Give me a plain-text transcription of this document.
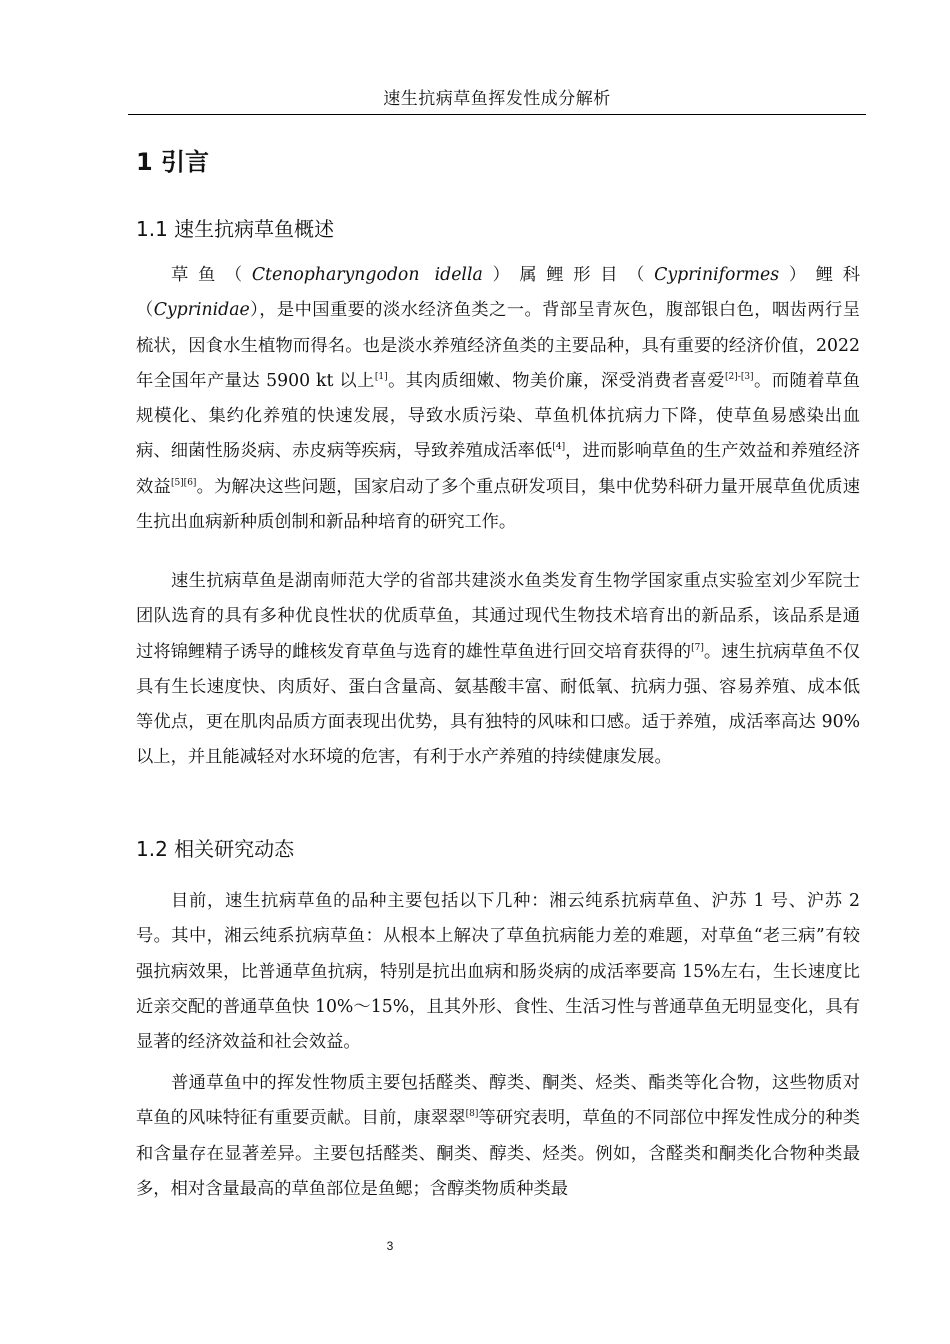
速生抗病草鱼挥发性成分解析
1 引言
1.1 速生抗病草鱼概述

草鱼（Ctenopharyngodon idella）属鲤形目（Cypriniformes）鲤科（Cyprinidae），是中国重要的淡水经济鱼类之一。背部呈青灰色，腹部银白色，咽齿两行呈梳状，因食水生植物而得名。也是淡水养殖经济鱼类的主要品种，具有重要的经济价值，2022年全国年产量达 5900 kt 以上[1]。其肉质细嫩、物美价廉，深受消费者喜爱[2]-[3]。而随着草鱼规模化、集约化养殖的快速发展，导致水质污染、草鱼机体抗病力下降，使草鱼易感染出血病、细菌性肠炎病、赤皮病等疾病，导致养殖成活率低[4]，进而影响草鱼的生产效益和养殖经济效益[5][6]。为解决这些问题，国家启动了多个重点研发项目，集中优势科研力量开展草鱼优质速生抗出血病新种质创制和新品种培育的研究工作。

速生抗病草鱼是湖南师范大学的省部共建淡水鱼类发育生物学国家重点实验室刘少军院士团队选育的具有多种优良性状的优质草鱼，其通过现代生物技术培育出的新品系，该品系是通过将锦鲤精子诱导的雌核发育草鱼与选育的雄性草鱼进行回交培育获得的[7]。速生抗病草鱼不仅具有生长速度快、肉质好、蛋白含量高、氨基酸丰富、耐低氧、抗病力强、容易养殖、成本低等优点，更在肌肉品质方面表现出优势，具有独特的风味和口感。适于养殖，成活率高达 90%以上，并且能减轻对水环境的危害，有利于水产养殖的持续健康发展。

1.2 相关研究动态

目前，速生抗病草鱼的品种主要包括以下几种：湘云纯系抗病草鱼、沪苏 1 号、沪苏 2 号。其中，湘云纯系抗病草鱼：从根本上解决了草鱼抗病能力差的难题，对草鱼“老三病”有较强抗病效果，比普通草鱼抗病，特别是抗出血病和肠炎病的成活率要高 15%左右，生长速度比近亲交配的普通草鱼快 10%～15%，且其外形、食性、生活习性与普通草鱼无明显变化，具有显著的经济效益和社会效益。

普通草鱼中的挥发性物质主要包括醛类、醇类、酮类、烃类、酯类等化合物，这些物质对草鱼的风味特征有重要贡献。目前，康翠翠[8]等研究表明，草鱼的不同部位中挥发性成分的种类和含量存在显著差异。主要包括醛类、酮类、醇类、烃类。例如，含醛类和酮类化合物种类最多，相对含量最高的草鱼部位是鱼鳃；含醇类物质种类最

3
